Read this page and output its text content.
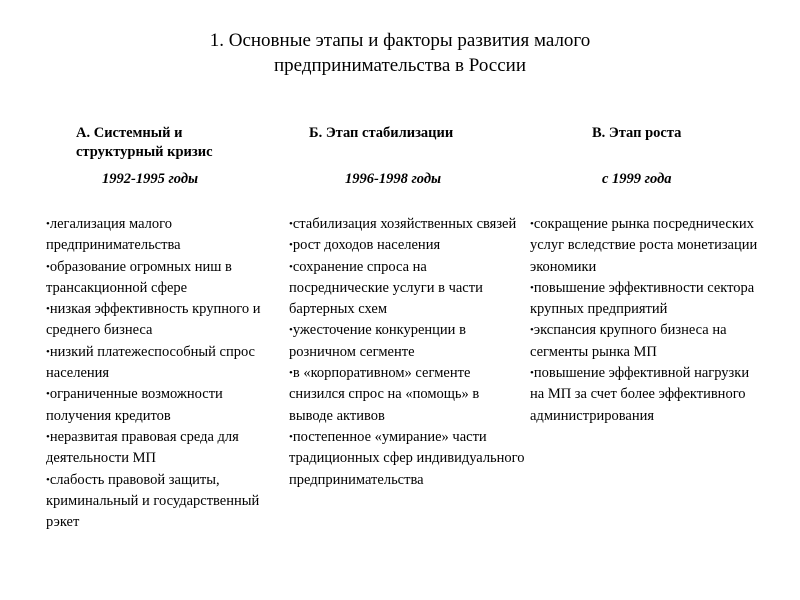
1. Основные этапы и факторы развития малого
предпринимательства в России
А. Системный и
структурный кризис
1992-1995 годы
• легализация малого предпринимательства
• образование огромных ниш в трансакционной сфере
• низкая эффективность крупного и среднего бизнеса
• низкий платежеспособный спрос населения
• ограниченные возможности получения кредитов
• неразвитая правовая среда для деятельности МП
• слабость правовой защиты, криминальный и государственный рэкет
Б. Этап стабилизации
1996-1998 годы
• стабилизация хозяйственных связей
• рост доходов населения
• сохранение спроса на посреднические услуги в части бартерных схем
• ужесточение конкуренции в розничном сегменте
• в «корпоративном» сегменте снизился спрос на «помощь» в выводе активов
• постепенное «умирание» части традиционных сфер индивидуального предпринимательства
В. Этап роста
с 1999 года
• сокращение рынка посреднических услуг вследствие роста монетизации экономики
• повышение эффективности сектора крупных предприятий
• экспансия крупного бизнеса на сегменты рынка МП
• повышение эффективной нагрузки на МП за счет более эффективного администрирования
